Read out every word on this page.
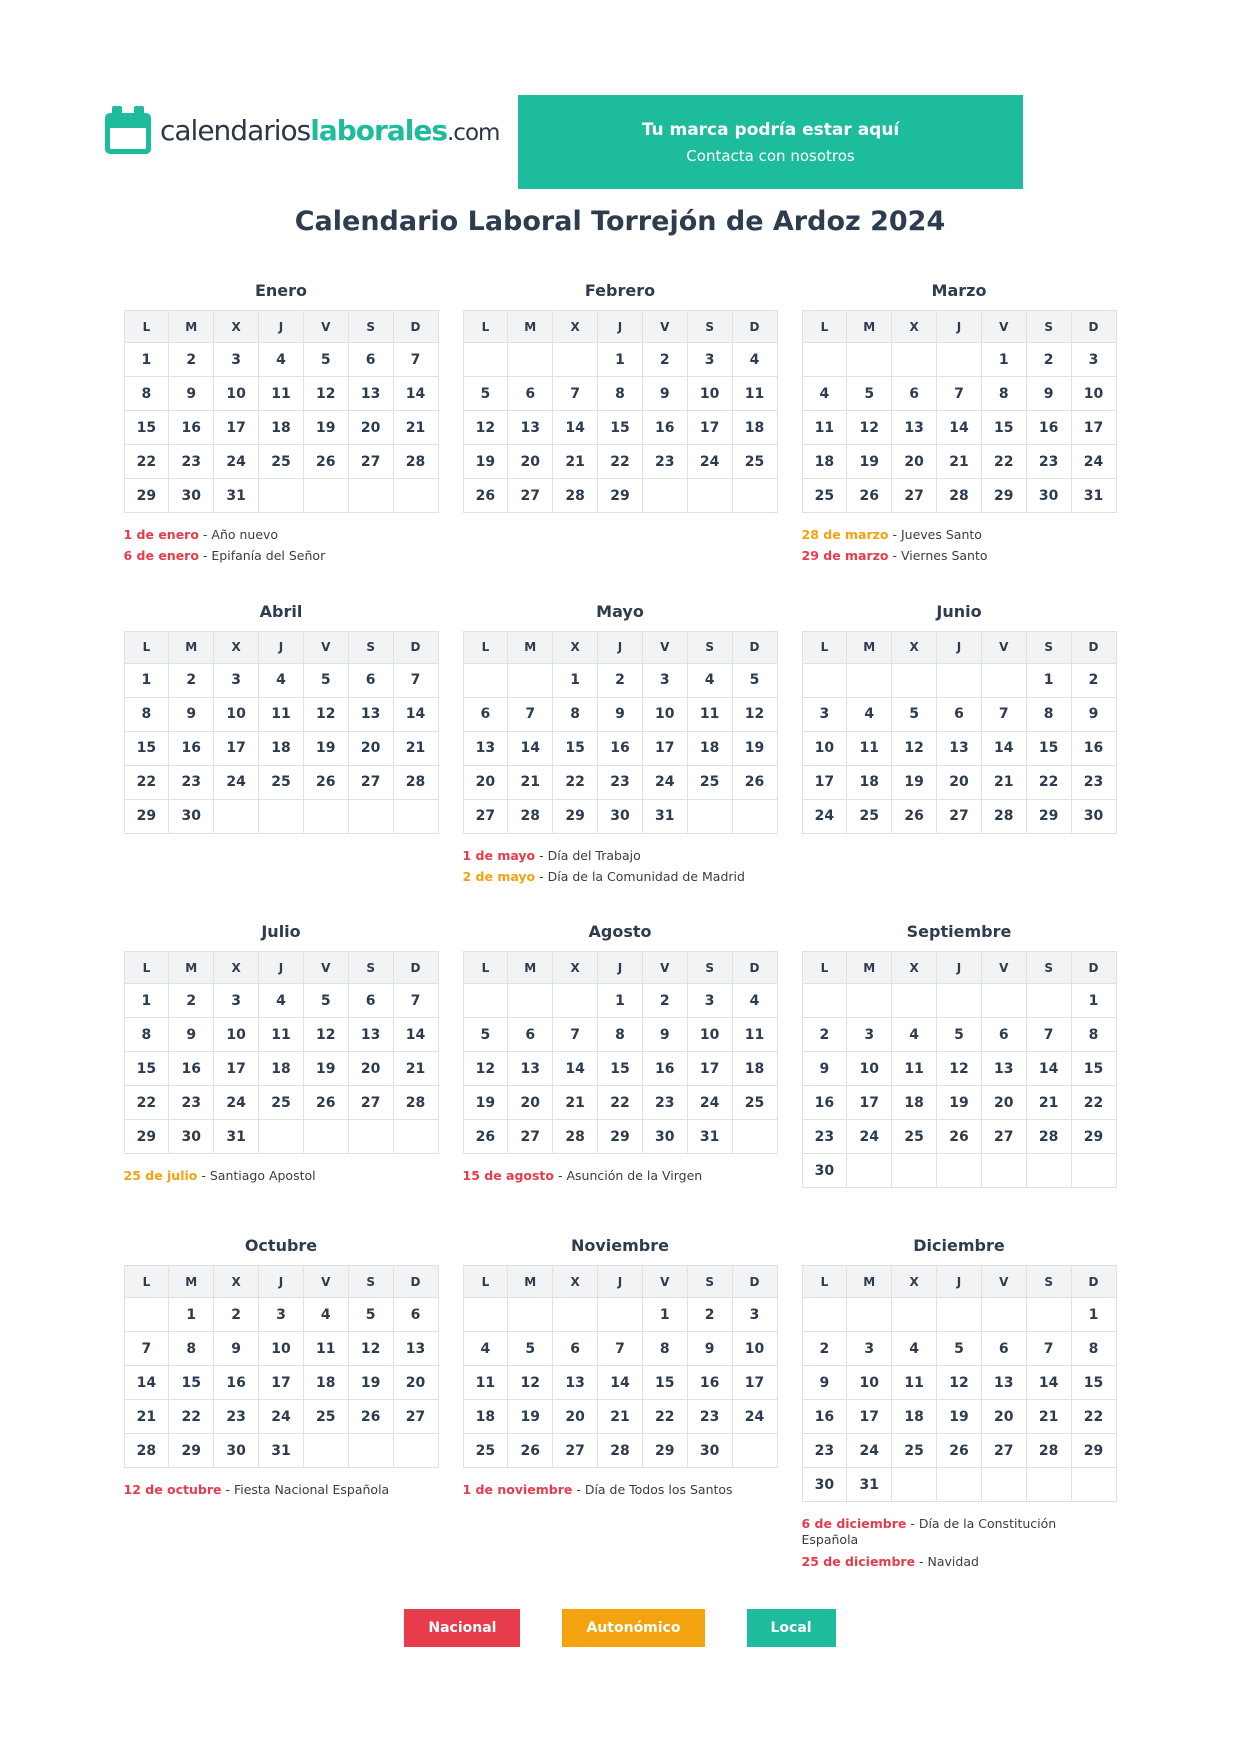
calendarioslaborales.com	Tu marca podría estar aquí
Contacta con nosotros
Calendario Laboral Torrejón de Ardoz 2024
Enero
L	M	X	J	V	S	D
1	2	3	4	5	6	7
8	9	10	11	12	13	14
15	16	17	18	19	20	21
22	23	24	25	26	27	28
29	30	31				
1 de enero - Año nuevo
6 de enero - Epifanía del Señor
Febrero
L	M	X	J	V	S	D
			1	2	3	4
5	6	7	8	9	10	11
12	13	14	15	16	17	18
19	20	21	22	23	24	25
26	27	28	29			
Marzo
L	M	X	J	V	S	D
				1	2	3
4	5	6	7	8	9	10
11	12	13	14	15	16	17
18	19	20	21	22	23	24
25	26	27	28	29	30	31
28 de marzo - Jueves Santo
29 de marzo - Viernes Santo
Abril
L	M	X	J	V	S	D
1	2	3	4	5	6	7
8	9	10	11	12	13	14
15	16	17	18	19	20	21
22	23	24	25	26	27	28
29	30					
Mayo
L	M	X	J	V	S	D
		1	2	3	4	5
6	7	8	9	10	11	12
13	14	15	16	17	18	19
20	21	22	23	24	25	26
27	28	29	30	31		
1 de mayo - Día del Trabajo
2 de mayo - Día de la Comunidad de Madrid
Junio
L	M	X	J	V	S	D
					1	2
3	4	5	6	7	8	9
10	11	12	13	14	15	16
17	18	19	20	21	22	23
24	25	26	27	28	29	30
Julio
L	M	X	J	V	S	D
1	2	3	4	5	6	7
8	9	10	11	12	13	14
15	16	17	18	19	20	21
22	23	24	25	26	27	28
29	30	31				
25 de julio - Santiago Apostol
Agosto
L	M	X	J	V	S	D
			1	2	3	4
5	6	7	8	9	10	11
12	13	14	15	16	17	18
19	20	21	22	23	24	25
26	27	28	29	30	31	
15 de agosto - Asunción de la Virgen
Septiembre
L	M	X	J	V	S	D
						1
2	3	4	5	6	7	8
9	10	11	12	13	14	15
16	17	18	19	20	21	22
23	24	25	26	27	28	29
30						
Octubre
L	M	X	J	V	S	D
	1	2	3	4	5	6
7	8	9	10	11	12	13
14	15	16	17	18	19	20
21	22	23	24	25	26	27
28	29	30	31			
12 de octubre - Fiesta Nacional Española
Noviembre
L	M	X	J	V	S	D
				1	2	3
4	5	6	7	8	9	10
11	12	13	14	15	16	17
18	19	20	21	22	23	24
25	26	27	28	29	30	
1 de noviembre - Día de Todos los Santos
Diciembre
L	M	X	J	V	S	D
						1
2	3	4	5	6	7	8
9	10	11	12	13	14	15
16	17	18	19	20	21	22
23	24	25	26	27	28	29
30	31					
6 de diciembre - Día de la Constitución Española
25 de diciembre - Navidad
Nacional	Autonómico	Local
